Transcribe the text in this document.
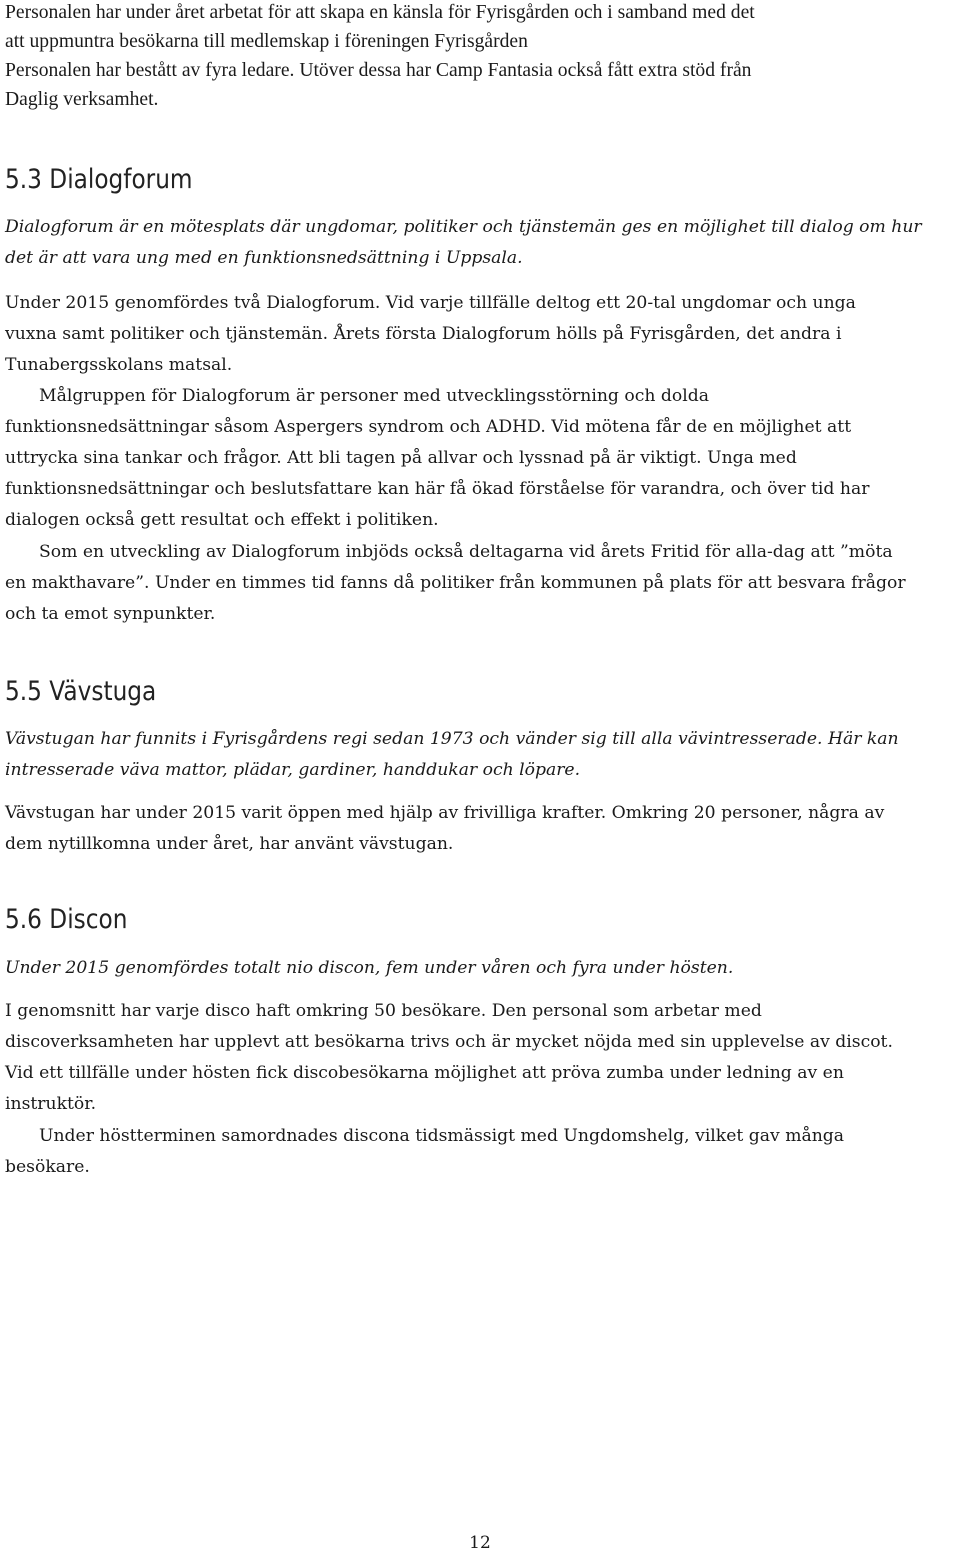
Personalen har under året arbetat för att skapa en känsla för Fyrisgården och i samband med det
att uppmuntra besökarna till medlemskap i föreningen Fyrisgården
Personalen har bestått av fyra ledare. Utöver dessa har Camp Fantasia också fått extra stöd från
Daglig verksamhet.

5.3 Dialogforum

Dialogforum är en mötesplats där ungdomar, politiker och tjänstemän ges en möjlighet till dialog om hur
det är att vara ung med en funktionsnedsättning i Uppsala.

Under 2015 genomfördes två Dialogforum. Vid varje tillfälle deltog ett 20-tal ungdomar och unga
vuxna samt politiker och tjänstemän. Årets första Dialogforum hölls på Fyrisgården, det andra i
Tunabergsskolans matsal.

Målgruppen för Dialogforum är personer med utvecklingsstörning och dolda
funktionsnedsättningar såsom Aspergers syndrom och ADHD. Vid mötena får de en möjlighet att
uttrycka sina tankar och frågor. Att bli tagen på allvar och lyssnad på är viktigt. Unga med
funktionsnedsättningar och beslutsfattare kan här få ökad förståelse för varandra, och över tid har
dialogen också gett resultat och effekt i politiken.

Som en utveckling av Dialogforum inbjöds också deltagarna vid årets Fritid för alla-dag att ”möta
en makthavare”. Under en timmes tid fanns då politiker från kommunen på plats för att besvara frågor
och ta emot synpunkter.

5.5 Vävstuga

Vävstugan har funnits i Fyrisgårdens regi sedan 1973 och vänder sig till alla vävintresserade. Här kan
intresserade väva mattor, plädar, gardiner, handdukar och löpare.

Vävstugan har under 2015 varit öppen med hjälp av frivilliga krafter. Omkring 20 personer, några av
dem nytillkomna under året, har använt vävstugan.

5.6 Discon

Under 2015 genomfördes totalt nio discon, fem under våren och fyra under hösten.

I genomsnitt har varje disco haft omkring 50 besökare. Den personal som arbetar med
discoverksamheten har upplevt att besökarna trivs och är mycket nöjda med sin upplevelse av discot.
Vid ett tillfälle under hösten fick discobesökarna möjlighet att pröva zumba under ledning av en
instruktör.

Under höstterminen samordnades discona tidsmässigt med Ungdomshelg, vilket gav många
besökare.

12
